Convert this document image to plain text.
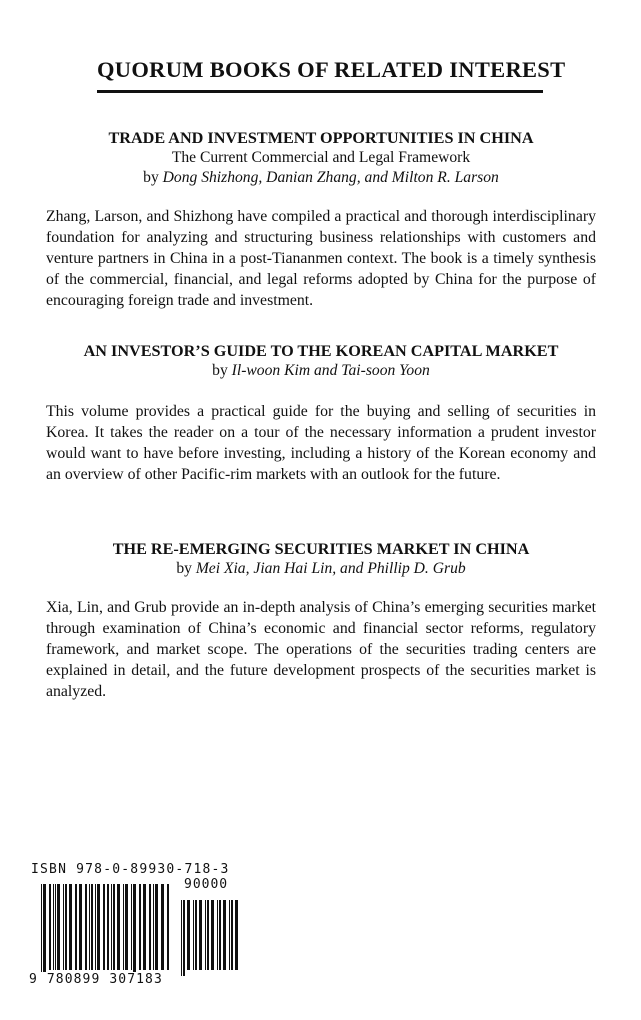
QUORUM BOOKS OF RELATED INTEREST
TRADE AND INVESTMENT OPPORTUNITIES IN CHINA
The Current Commercial and Legal Framework
by Dong Shizhong, Danian Zhang, and Milton R. Larson
Zhang, Larson, and Shizhong have compiled a practical and thorough interdisciplinary foundation for analyzing and structuring business relationships with customers and venture partners in China in a post-Tiananmen context. The book is a timely synthesis of the commercial, financial, and legal reforms adopted by China for the purpose of encouraging foreign trade and investment.
AN INVESTOR’S GUIDE TO THE KOREAN CAPITAL MARKET
by Il-woon Kim and Tai-soon Yoon
This volume provides a practical guide for the buying and selling of securities in Korea. It takes the reader on a tour of the necessary information a prudent investor would want to have before investing, including a history of the Korean economy and an overview of other Pacific-rim markets with an outlook for the future.
THE RE-EMERGING SECURITIES MARKET IN CHINA
by Mei Xia, Jian Hai Lin, and Phillip D. Grub
Xia, Lin, and Grub provide an in-depth analysis of China’s emerging securities market through examination of China’s economic and financial sector reforms, regulatory framework, and market scope. The operations of the securities trading centers are explained in detail, and the future development prospects of the securities market is analyzed.
ISBN 978-0-89930-718-3
90000
9 780899 307183
